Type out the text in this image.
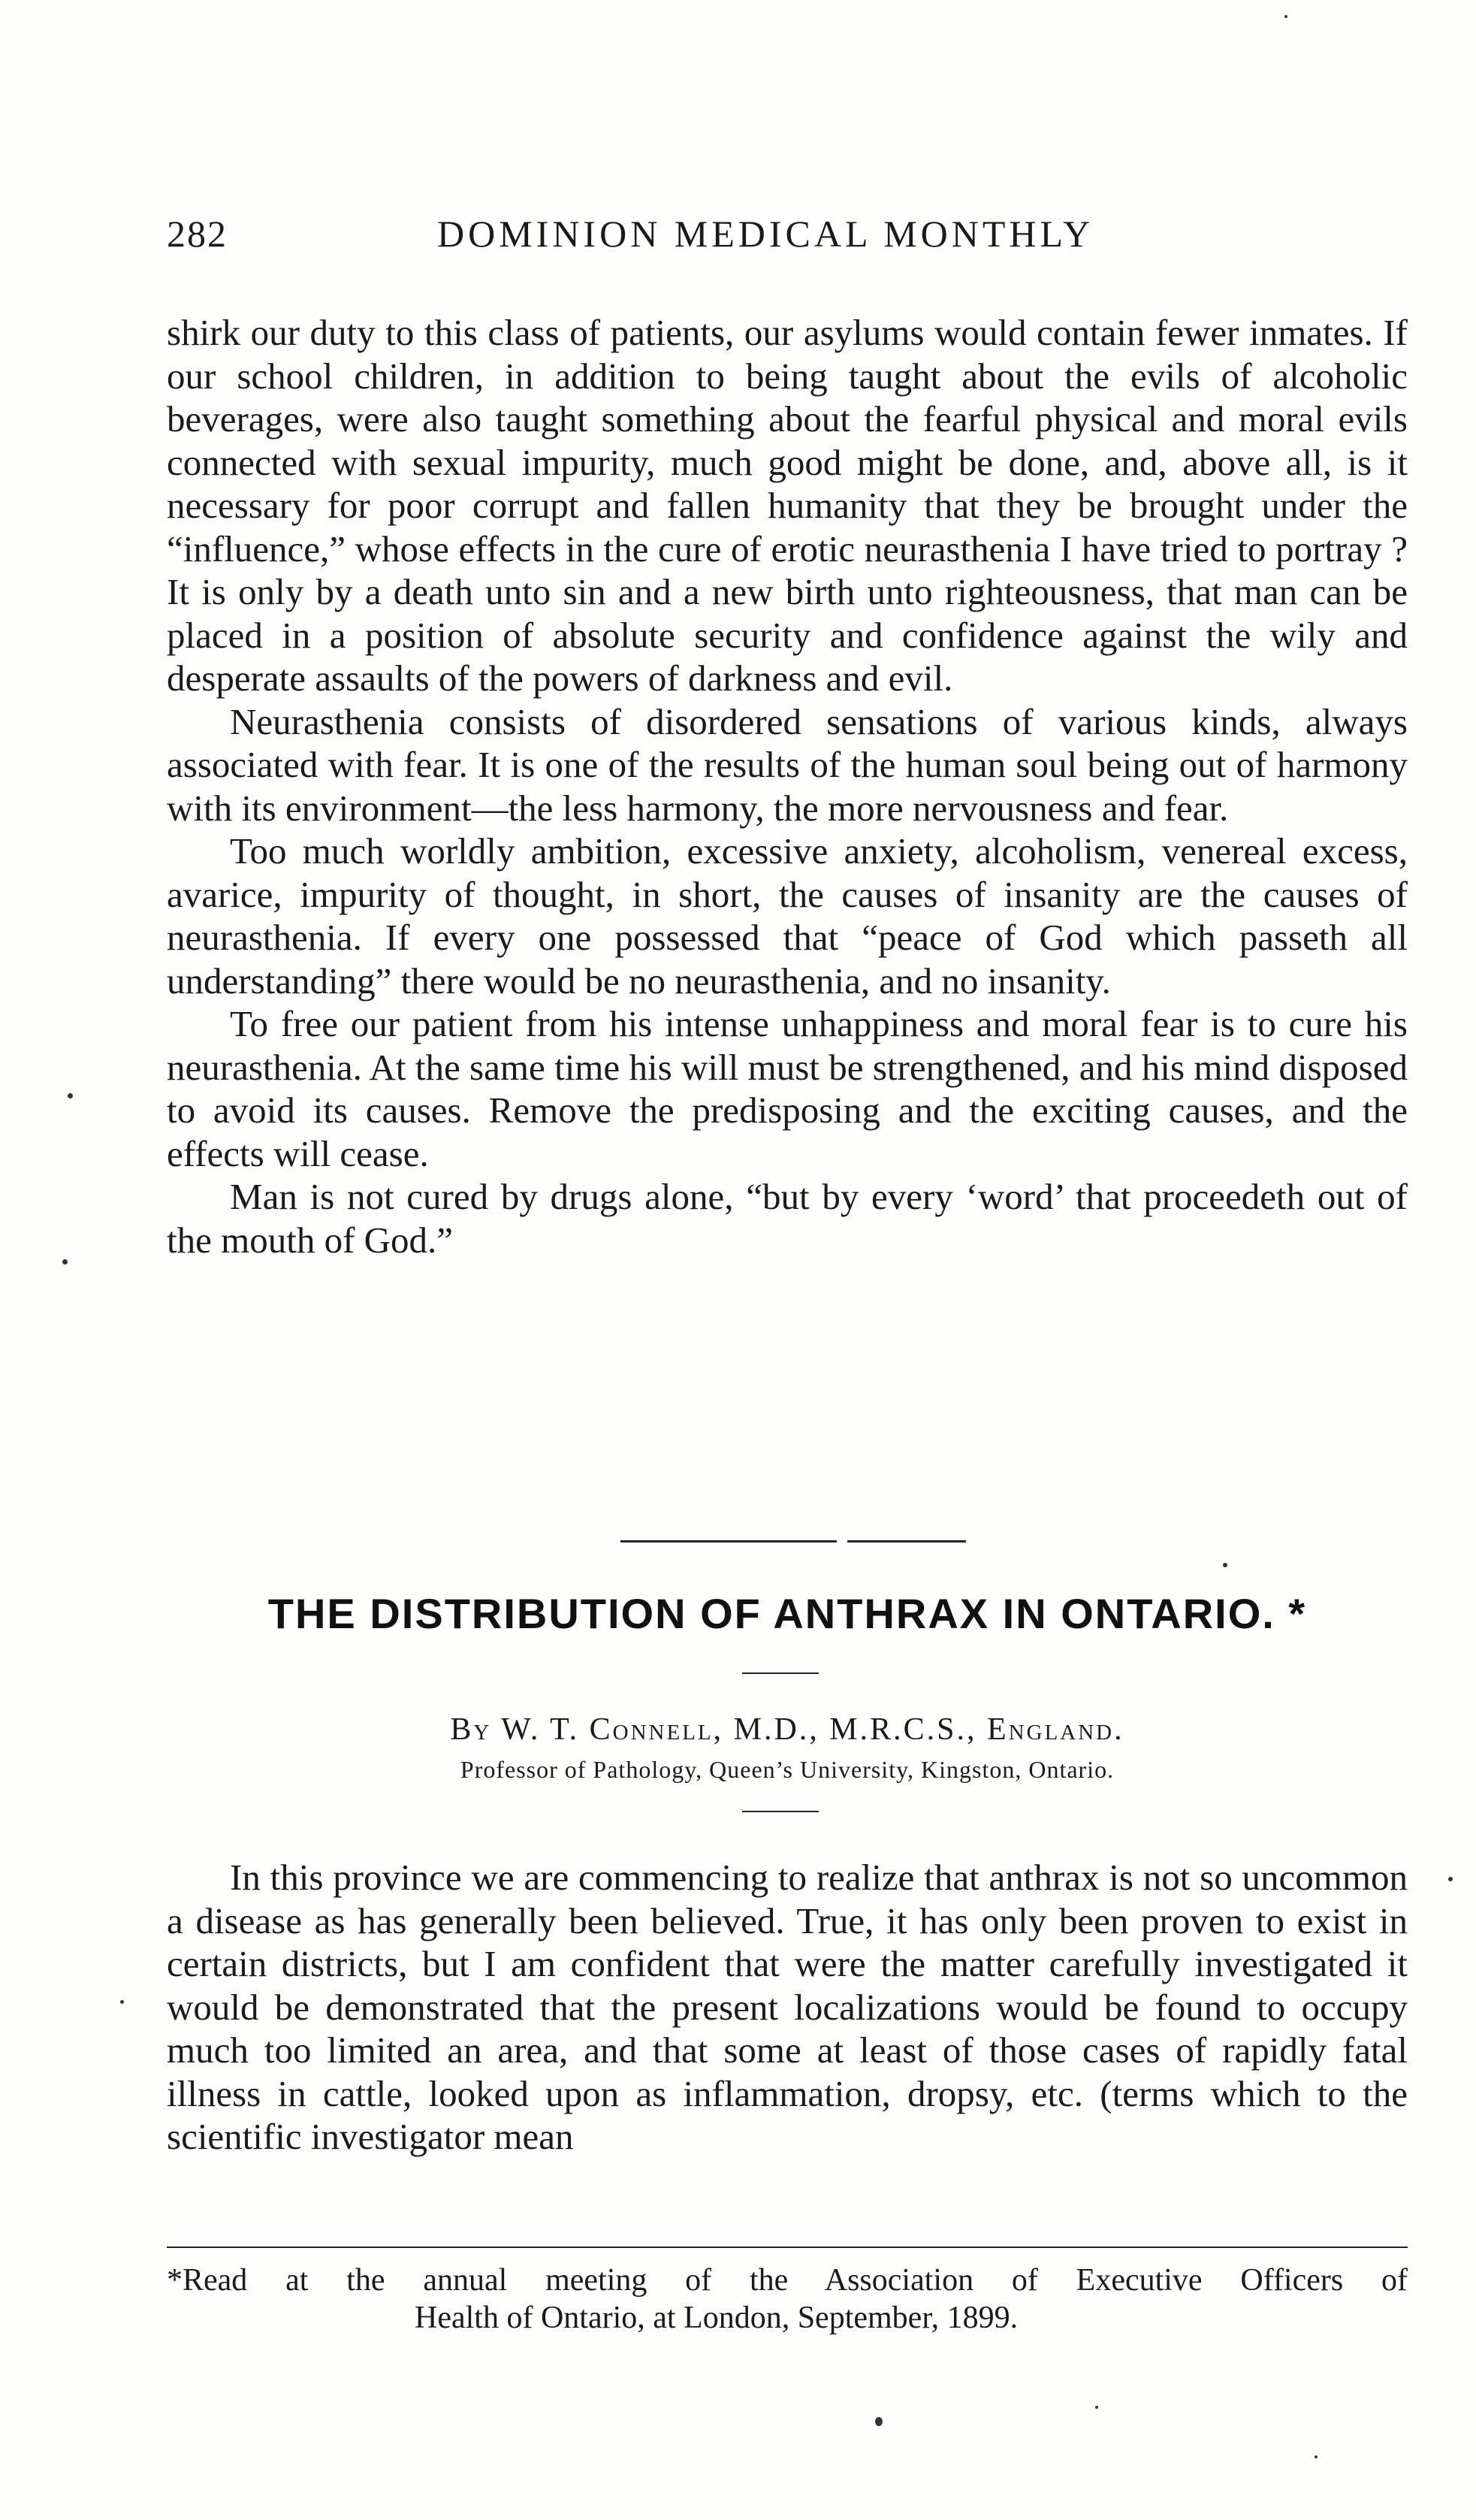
282	DOMINION MEDICAL MONTHLY

shirk our duty to this class of patients, our asylums would contain fewer inmates. If our school children, in addition to being taught about the evils of alcoholic beverages, were also taught something about the fearful physical and moral evils connected with sexual impurity, much good might be done, and, above all, is it necessary for poor corrupt and fallen humanity that they be brought under the “influence,” whose effects in the cure of erotic neurasthenia I have tried to portray ? It is only by a death unto sin and a new birth unto righteousness, that man can be placed in a position of absolute security and confidence against the wily and desperate assaults of the powers of darkness and evil.

Neurasthenia consists of disordered sensations of various kinds, always associated with fear. It is one of the results of the human soul being out of harmony with its environment—the less harmony, the more nervousness and fear.

Too much worldly ambition, excessive anxiety, alcoholism, venereal excess, avarice, impurity of thought, in short, the causes of insanity are the causes of neurasthenia. If every one possessed that “peace of God which passeth all understanding” there would be no neurasthenia, and no insanity.

To free our patient from his intense unhappiness and moral fear is to cure his neurasthenia. At the same time his will must be strengthened, and his mind disposed to avoid its causes. Remove the predisposing and the exciting causes, and the effects will cease.

Man is not cured by drugs alone, “but by every ‘word’ that proceedeth out of the mouth of God.”

THE DISTRIBUTION OF ANTHRAX IN ONTARIO. *
By W. T. Connell, M.D., M.R.C.S., England.
Professor of Pathology, Queen’s University, Kingston, Ontario.

In this province we are commencing to realize that anthrax is not so uncommon a disease as has generally been believed. True, it has only been proven to exist in certain districts, but I am confident that were the matter carefully investigated it would be demonstrated that the present localizations would be found to occupy much too limited an area, and that some at least of those cases of rapidly fatal illness in cattle, looked upon as inflammation, dropsy, etc. (terms which to the scientific investigator mean

*Read at the annual meeting of the Association of Executive Officers of
Health of Ontario, at London, September, 1899.
